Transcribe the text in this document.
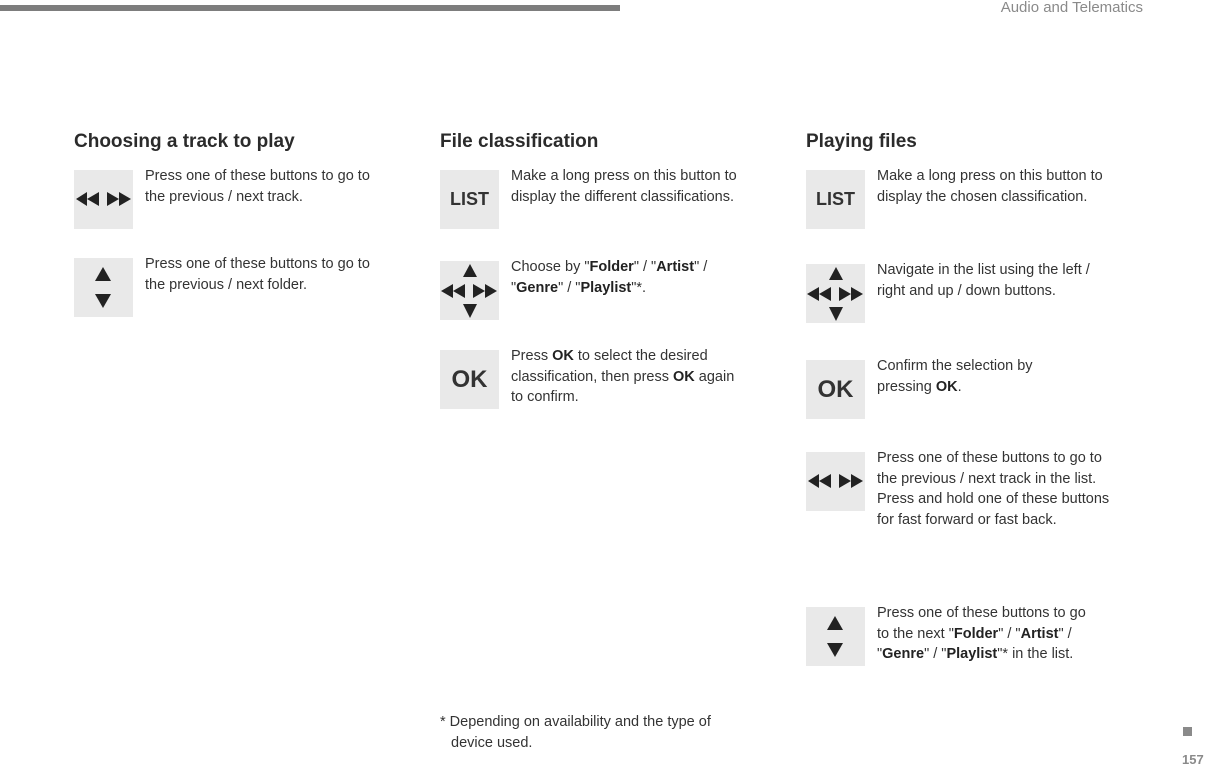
Audio and Telematics
Choosing a track to play
Press one of these buttons to go to
the previous / next track.
Press one of these buttons to go to
the previous / next folder.
File classification
LIST
Make a long press on this button to
display the different classifications.
Choose by "Folder" / "Artist" /
"Genre" / "Playlist"*.
OK
Press OK to select the desired
classification, then press OK again
to confirm.
Playing files
LIST
Make a long press on this button to
display the chosen classification.
Navigate in the list using the left /
right and up / down buttons.
OK
Confirm the selection by
pressing OK.
Press one of these buttons to go to
the previous / next track in the list.
Press and hold one of these buttons
for fast forward or fast back.
Press one of these buttons to go
to the next "Folder" / "Artist" /
"Genre" / "Playlist"* in the list.
* Depending on availability and the type of
device used.
157
